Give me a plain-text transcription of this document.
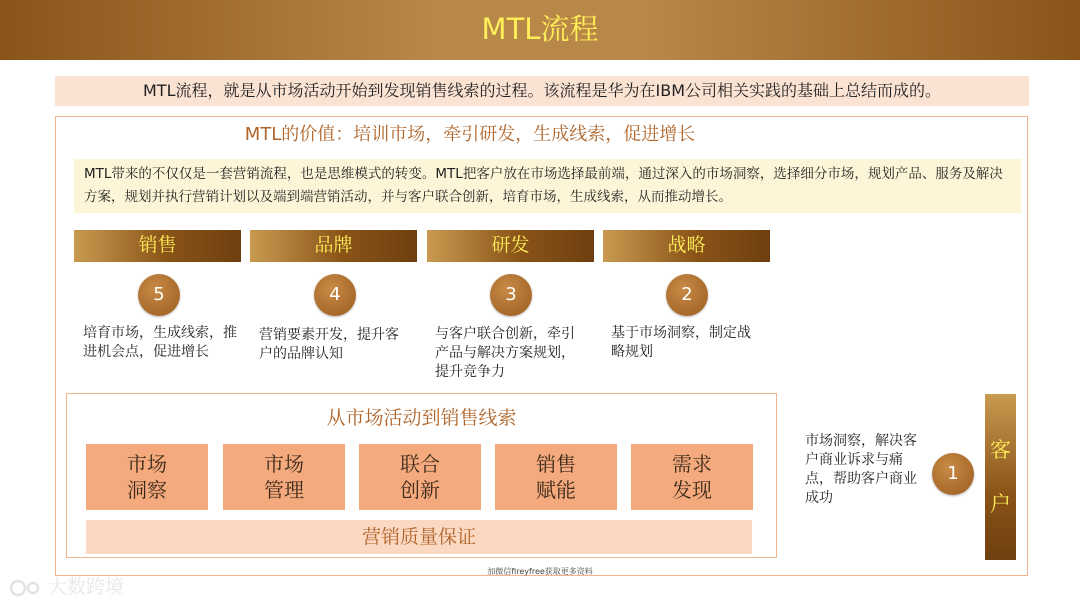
MTL流程
MTL流程，就是从市场活动开始到发现销售线索的过程。该流程是华为在IBM公司相关实践的基础上总结而成的。
MTL的价值：培训市场，牵引研发，生成线索，促进增长
MTL带来的不仅仅是一套营销流程，也是思维模式的转变。MTL把客户放在市场选择最前端，通过深入的市场洞察，选择细分市场，规划产品、服务及解决方案，规划并执行营销计划以及端到端营销活动，并与客户联合创新，培育市场，生成线索，从而推动增长。
销售
5
培育市场，生成线索，推进机会点，促进增长
品牌
4
营销要素开发，提升客户的品牌认知
研发
3
与客户联合创新，牵引产品与解决方案规划，提升竞争力
战略
2
基于市场洞察，制定战略规划
从市场活动到销售线索
市场洞察
市场管理
联合创新
销售赋能
需求发现
营销质量保证
市场洞察，解决客户商业诉求与痛点，帮助客户商业成功
1
客
户
加微信fireyfree获取更多资料
大数跨境
